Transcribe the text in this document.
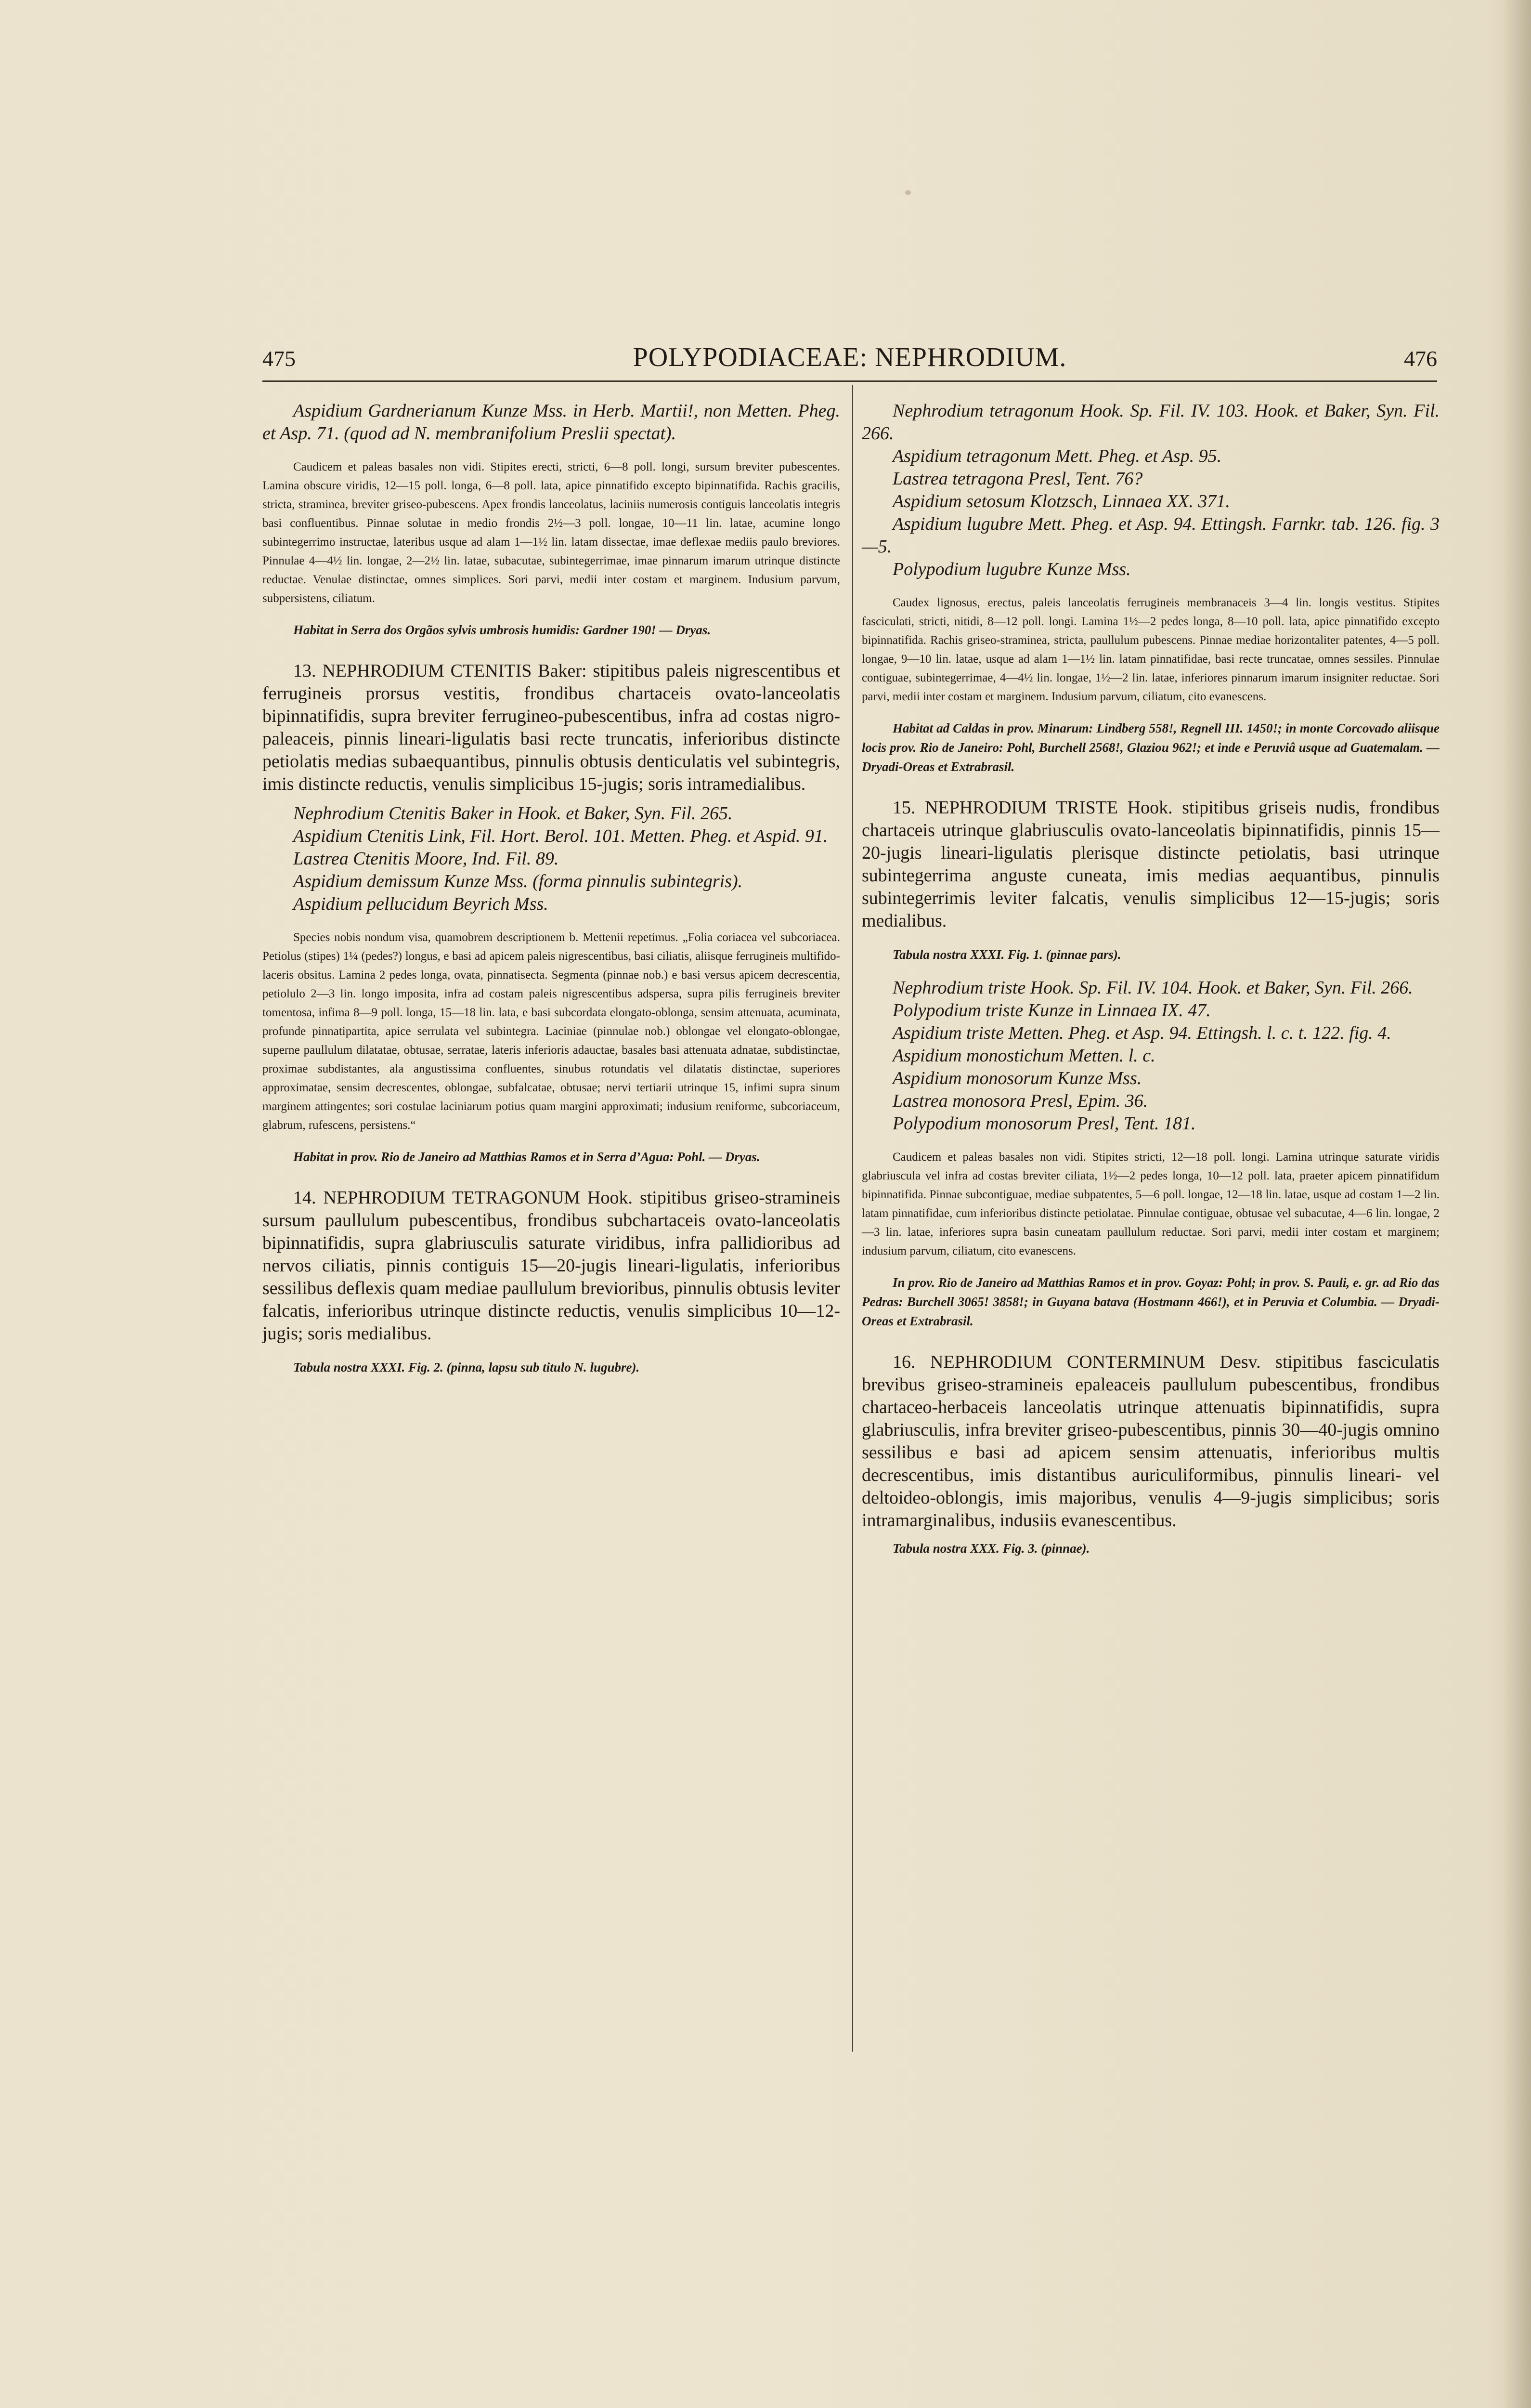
475	POLYPODIACEAE: NEPHRODIUM.	476

Aspidium Gardnerianum Kunze Mss. in Herb. Martii!, non Metten. Pheg. et Asp. 71. (quod ad N. membranifolium Preslii spectat).

Caudicem et paleas basales non vidi. Stipites erecti, stricti, 6—8 poll. longi, sursum breviter pubescentes. Lamina obscure viridis, 12—15 poll. longa, 6—8 poll. lata, apice pinnatifido excepto bipinnatifida. Rachis gracilis, stricta, straminea, breviter griseo-pubescens. Apex frondis lanceolatus, laciniis numerosis contiguis lanceolatis integris basi confluentibus. Pinnae solutae in medio frondis 2½—3 poll. longae, 10—11 lin. latae, acumine longo subintegerrimo instructae, lateribus usque ad alam 1—1½ lin. latam dissectae, imae deflexae mediis paulo breviores. Pinnulae 4—4½ lin. longae, 2—2½ lin. latae, subacutae, subintegerrimae, imae pinnarum imarum utrinque distincte reductae. Venulae distinctae, omnes simplices. Sori parvi, medii inter costam et marginem. Indusium parvum, subpersistens, ciliatum.

Habitat in Serra dos Orgãos sylvis umbrosis humidis: Gardner 190! — Dryas.

13. NEPHRODIUM CTENITIS Baker: stipitibus paleis nigrescentibus et ferrugineis prorsus vestitis, frondibus chartaceis ovato-lanceolatis bipinnatifidis, supra breviter ferrugineo-pubescentibus, infra ad costas nigro-paleaceis, pinnis lineari-ligulatis basi recte truncatis, inferioribus distincte petiolatis medias subaequantibus, pinnulis obtusis denticulatis vel subintegris, imis distincte reductis, venulis simplicibus 15-jugis; soris intramedialibus.

Nephrodium Ctenitis Baker in Hook. et Baker, Syn. Fil. 265.
Aspidium Ctenitis Link, Fil. Hort. Berol. 101. Metten. Pheg. et Aspid. 91.
Lastrea Ctenitis Moore, Ind. Fil. 89.
Aspidium demissum Kunze Mss. (forma pinnulis subintegris).
Aspidium pellucidum Beyrich Mss.

Species nobis nondum visa, quamobrem descriptionem b. Mettenii repetimus. „Folia coriacea vel subcoriacea. Petiolus (stipes) 1¼ (pedes?) longus, e basi ad apicem paleis nigrescentibus, basi ciliatis, aliisque ferrugineis multifido-laceris obsitus. Lamina 2 pedes longa, ovata, pinnatisecta. Segmenta (pinnae nob.) e basi versus apicem decrescentia, petiolulo 2—3 lin. longo imposita, infra ad costam paleis nigrescentibus adspersa, supra pilis ferrugineis breviter tomentosa, infima 8—9 poll. longa, 15—18 lin. lata, e basi subcordata elongato-oblonga, sensim attenuata, acuminata, profunde pinnatipartita, apice serrulata vel subintegra. Laciniae (pinnulae nob.) oblongae vel elongato-oblongae, superne paullulum dilatatae, obtusae, serratae, lateris inferioris adauctae, basales basi attenuata adnatae, subdistinctae, proximae subdistantes, ala angustissima confluentes, sinubus rotundatis vel dilatatis distinctae, superiores approximatae, sensim decrescentes, oblongae, subfalcatae, obtusae; nervi tertiarii utrinque 15, infimi supra sinum marginem attingentes; sori costulae laciniarum potius quam margini approximati; indusium reniforme, subcoriaceum, glabrum, rufescens, persistens.“

Habitat in prov. Rio de Janeiro ad Matthias Ramos et in Serra d’Agua: Pohl. — Dryas.

14. NEPHRODIUM TETRAGONUM Hook. stipitibus griseo-stramineis sursum paullulum pubescentibus, frondibus subchartaceis ovato-lanceolatis bipinnatifidis, supra glabriusculis saturate viridibus, infra pallidioribus ad nervos ciliatis, pinnis contiguis 15—20-jugis lineari-ligulatis, inferioribus sessilibus deflexis quam mediae paullulum brevioribus, pinnulis obtusis leviter falcatis, inferioribus utrinque distincte reductis, venulis simplicibus 10—12-jugis; soris medialibus.

Tabula nostra XXXI. Fig. 2. (pinna, lapsu sub titulo N. lugubre).

Nephrodium tetragonum Hook. Sp. Fil. IV. 103. Hook. et Baker, Syn. Fil. 266.
Aspidium tetragonum Mett. Pheg. et Asp. 95.
Lastrea tetragona Presl, Tent. 76?
Aspidium setosum Klotzsch, Linnaea XX. 371.
Aspidium lugubre Mett. Pheg. et Asp. 94. Ettingsh. Farnkr. tab. 126. fig. 3—5.
Polypodium lugubre Kunze Mss.

Caudex lignosus, erectus, paleis lanceolatis ferrugineis membranaceis 3—4 lin. longis vestitus. Stipites fasciculati, stricti, nitidi, 8—12 poll. longi. Lamina 1½—2 pedes longa, 8—10 poll. lata, apice pinnatifido excepto bipinnatifida. Rachis griseo-straminea, stricta, paullulum pubescens. Pinnae mediae horizontaliter patentes, 4—5 poll. longae, 9—10 lin. latae, usque ad alam 1—1½ lin. latam pinnatifidae, basi recte truncatae, omnes sessiles. Pinnulae contiguae, subintegerrimae, 4—4½ lin. longae, 1½—2 lin. latae, inferiores pinnarum imarum insigniter reductae. Sori parvi, medii inter costam et marginem. Indusium parvum, ciliatum, cito evanescens.

Habitat ad Caldas in prov. Minarum: Lindberg 558!, Regnell III. 1450!; in monte Corcovado aliisque locis prov. Rio de Janeiro: Pohl, Burchell 2568!, Glaziou 962!; et inde e Peruviâ usque ad Guatemalam. — Dryadi-Oreas et Extrabrasil.

15. NEPHRODIUM TRISTE Hook. stipitibus griseis nudis, frondibus chartaceis utrinque glabriusculis ovato-lanceolatis bipinnatifidis, pinnis 15—20-jugis lineari-ligulatis plerisque distincte petiolatis, basi utrinque subintegerrima anguste cuneata, imis medias aequantibus, pinnulis subintegerrimis leviter falcatis, venulis simplicibus 12—15-jugis; soris medialibus.

Tabula nostra XXXI. Fig. 1. (pinnae pars).

Nephrodium triste Hook. Sp. Fil. IV. 104. Hook. et Baker, Syn. Fil. 266.
Polypodium triste Kunze in Linnaea IX. 47.
Aspidium triste Metten. Pheg. et Asp. 94. Ettingsh. l. c. t. 122. fig. 4.
Aspidium monostichum Metten. l. c.
Aspidium monosorum Kunze Mss.
Lastrea monosora Presl, Epim. 36.
Polypodium monosorum Presl, Tent. 181.

Caudicem et paleas basales non vidi. Stipites stricti, 12—18 poll. longi. Lamina utrinque saturate viridis glabriuscula vel infra ad costas breviter ciliata, 1½—2 pedes longa, 10—12 poll. lata, praeter apicem pinnatifidum bipinnatifida. Pinnae subcontiguae, mediae subpatentes, 5—6 poll. longae, 12—18 lin. latae, usque ad costam 1—2 lin. latam pinnatifidae, cum inferioribus distincte petiolatae. Pinnulae contiguae, obtusae vel subacutae, 4—6 lin. longae, 2—3 lin. latae, inferiores supra basin cuneatam paullulum reductae. Sori parvi, medii inter costam et marginem; indusium parvum, ciliatum, cito evanescens.

In prov. Rio de Janeiro ad Matthias Ramos et in prov. Goyaz: Pohl; in prov. S. Pauli, e. gr. ad Rio das Pedras: Burchell 3065! 3858!; in Guyana batava (Hostmann 466!), et in Peruvia et Columbia. — Dryadi-Oreas et Extrabrasil.

16. NEPHRODIUM CONTERMINUM Desv. stipitibus fasciculatis brevibus griseo-stramineis epaleaceis paullulum pubescentibus, frondibus chartaceo-herbaceis lanceolatis utrinque attenuatis bipinnatifidis, supra glabriusculis, infra breviter griseo-pubescentibus, pinnis 30—40-jugis omnino sessilibus e basi ad apicem sensim attenuatis, inferioribus multis decrescentibus, imis distantibus auriculiformibus, pinnulis lineari- vel deltoideo-oblongis, imis majoribus, venulis 4—9-jugis simplicibus; soris intramarginalibus, indusiis evanescentibus.

Tabula nostra XXX. Fig. 3. (pinnae).
